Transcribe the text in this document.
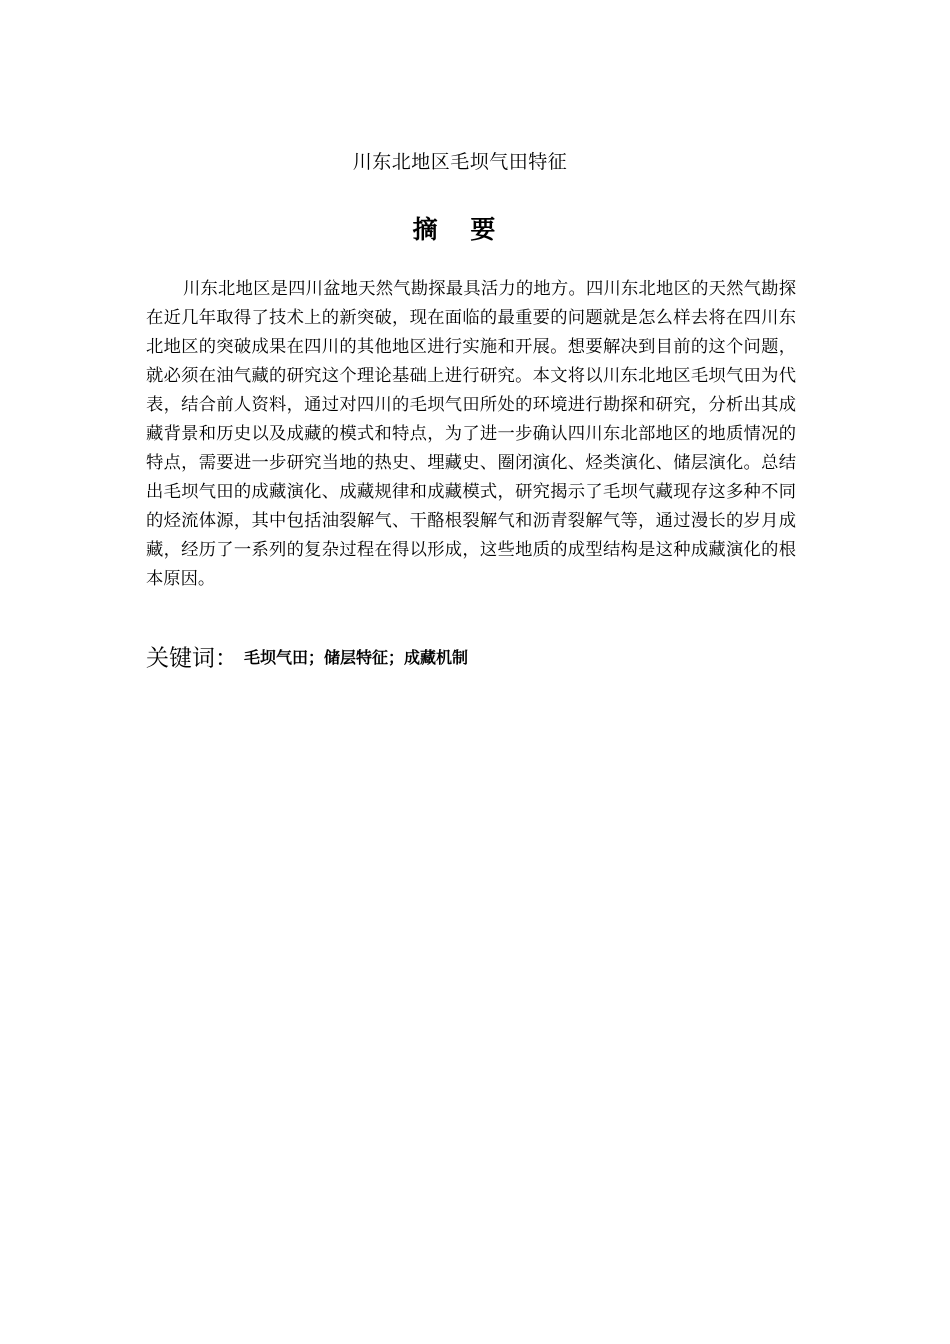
川东北地区毛坝气田特征
摘 要

川东北地区是四川盆地天然气勘探最具活力的地方。四川东北地区的天然气勘探在近几年取得了技术上的新突破，现在面临的最重要的问题就是怎么样去将在四川东北地区的突破成果在四川的其他地区进行实施和开展。想要解决到目前的这个问题，就必须在油气藏的研究这个理论基础上进行研究。本文将以川东北地区毛坝气田为代表，结合前人资料，通过对四川的毛坝气田所处的环境进行勘探和研究，分析出其成藏背景和历史以及成藏的模式和特点，为了进一步确认四川东北部地区的地质情况的特点，需要进一步研究当地的热史、埋藏史、圈闭演化、烃类演化、储层演化。总结出毛坝气田的成藏演化、成藏规律和成藏模式，研究揭示了毛坝气藏现存这多种不同的烃流体源，其中包括油裂解气、干酪根裂解气和沥青裂解气等，通过漫长的岁月成藏，经历了一系列的复杂过程在得以形成，这些地质的成型结构是这种成藏演化的根本原因。

关键词： 毛坝气田；储层特征；成藏机制
